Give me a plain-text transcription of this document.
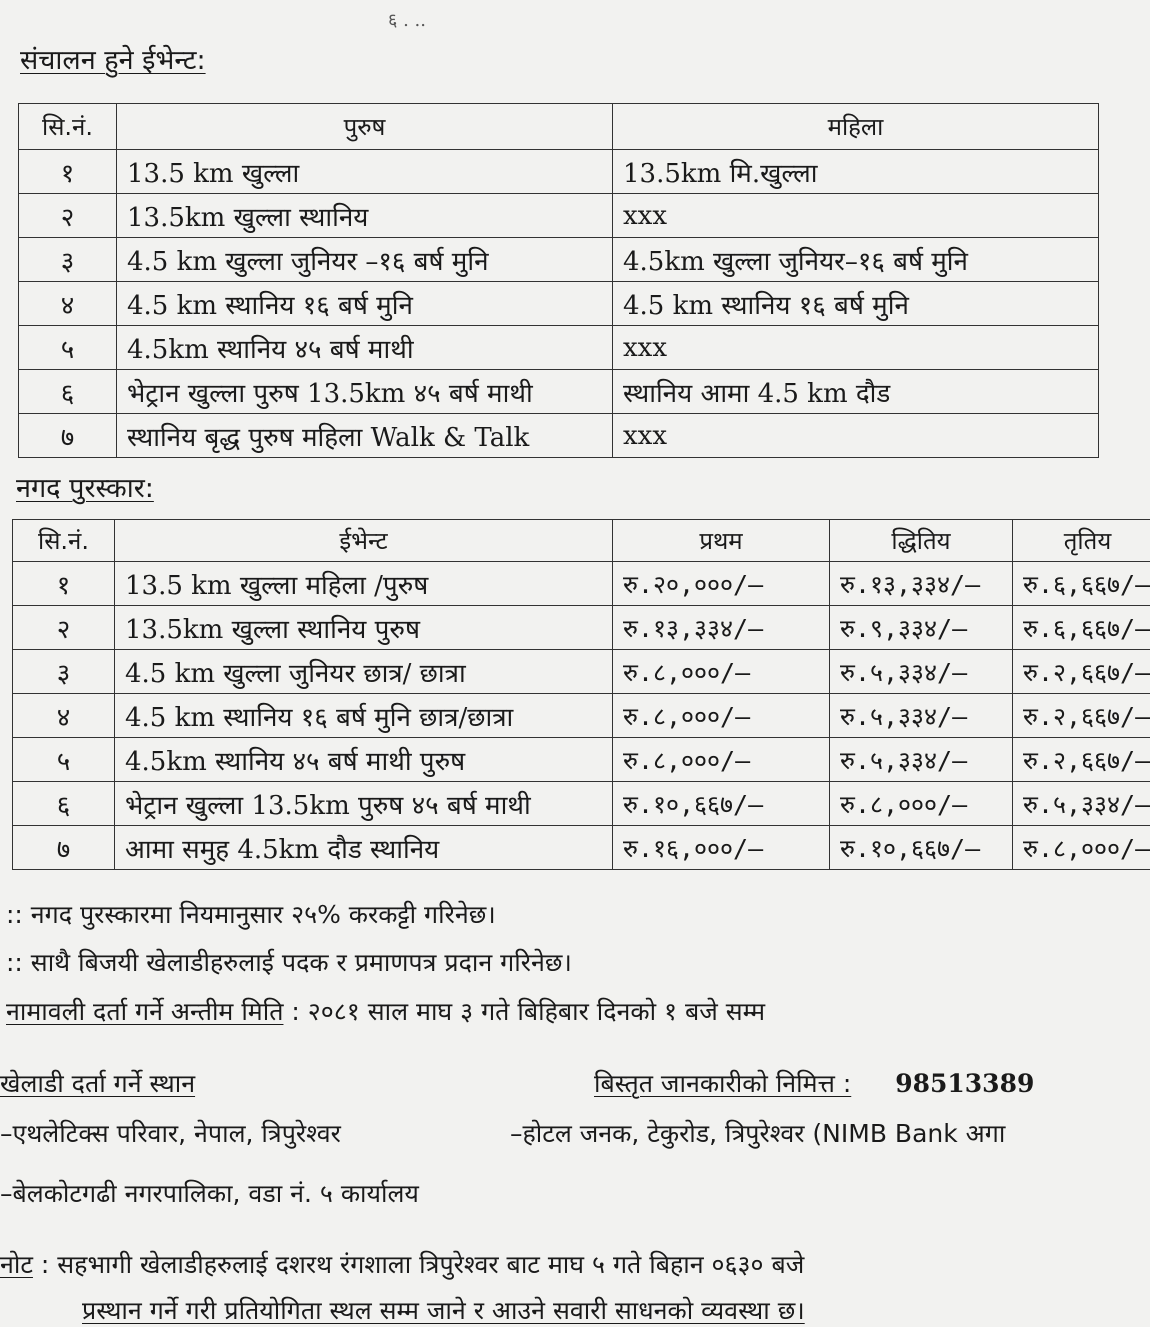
६ . ..
संचालन हुने ईभेन्ट:
सि.नं.	पुरुष	महिला
१	13.5 km खुल्ला	13.5km मि.खुल्ला
२	13.5km खुल्ला स्थानिय	xxx
३	4.5 km खुल्ला जुनियर –१६ बर्ष मुनि	4.5km खुल्ला जुनियर–१६ बर्ष मुनि
४	4.5 km स्थानिय १६ बर्ष मुनि	4.5 km स्थानिय १६ बर्ष मुनि
५	4.5km स्थानिय ४५ बर्ष माथी	xxx
६	भेट्रान खुल्ला पुरुष 13.5km ४५ बर्ष माथी	स्थानिय आमा 4.5 km दौड
७	स्थानिय बृद्ध पुरुष महिला Walk & Talk	xxx
नगद पुरस्कार:
सि.नं.	ईभेन्ट	प्रथम	द्धितिय	तृतिय
१	13.5 km खुल्ला महिला /पुरुष	रु.२०,०००/–	रु.१३,३३४/–	रु.६,६६७/–
२	13.5km खुल्ला स्थानिय पुरुष	रु.१३,३३४/–	रु.९,३३४/–	रु.६,६६७/–
३	4.5 km खुल्ला जुनियर छात्र/ छात्रा	रु.८,०००/–	रु.५,३३४/–	रु.२,६६७/–
४	4.5 km स्थानिय १६ बर्ष मुनि छात्र/छात्रा	रु.८,०००/–	रु.५,३३४/–	रु.२,६६७/–
५	4.5km स्थानिय ४५ बर्ष माथी पुरुष	रु.८,०००/–	रु.५,३३४/–	रु.२,६६७/–
६	भेट्रान खुल्ला 13.5km पुरुष ४५ बर्ष माथी	रु.१०,६६७/–	रु.८,०००/–	रु.५,३३४/–
७	आमा समुह 4.5km दौड स्थानिय	रु.१६,०००/–	रु.१०,६६७/–	रु.८,०००/–
:: नगद पुरस्कारमा नियमानुसार २५% करकट्टी गरिनेछ।
:: साथै बिजयी खेलाडीहरुलाई पदक र प्रमाणपत्र प्रदान गरिनेछ।
नामावली दर्ता गर्ने अन्तीम मिति : २०८१ साल माघ ३ गते बिहिबार दिनको १ बजे सम्म
खेलाडी दर्ता गर्ने स्थान	बिस्तृत जानकारीको निमित्त : 98513389
–एथलेटिक्स परिवार, नेपाल, त्रिपुरेश्वर	–होटल जनक, टेकुरोड, त्रिपुरेश्वर (NIMB Bank अगा
–बेलकोटगढी नगरपालिका, वडा नं. ५ कार्यालय
नोट : सहभागी खेलाडीहरुलाई दशरथ रंगशाला त्रिपुरेश्वर बाट माघ ५ गते बिहान ०६३० बजे
प्रस्थान गर्ने गरी प्रतियोगिता स्थल सम्म जाने र आउने सवारी साधनको व्यवस्था छ।
